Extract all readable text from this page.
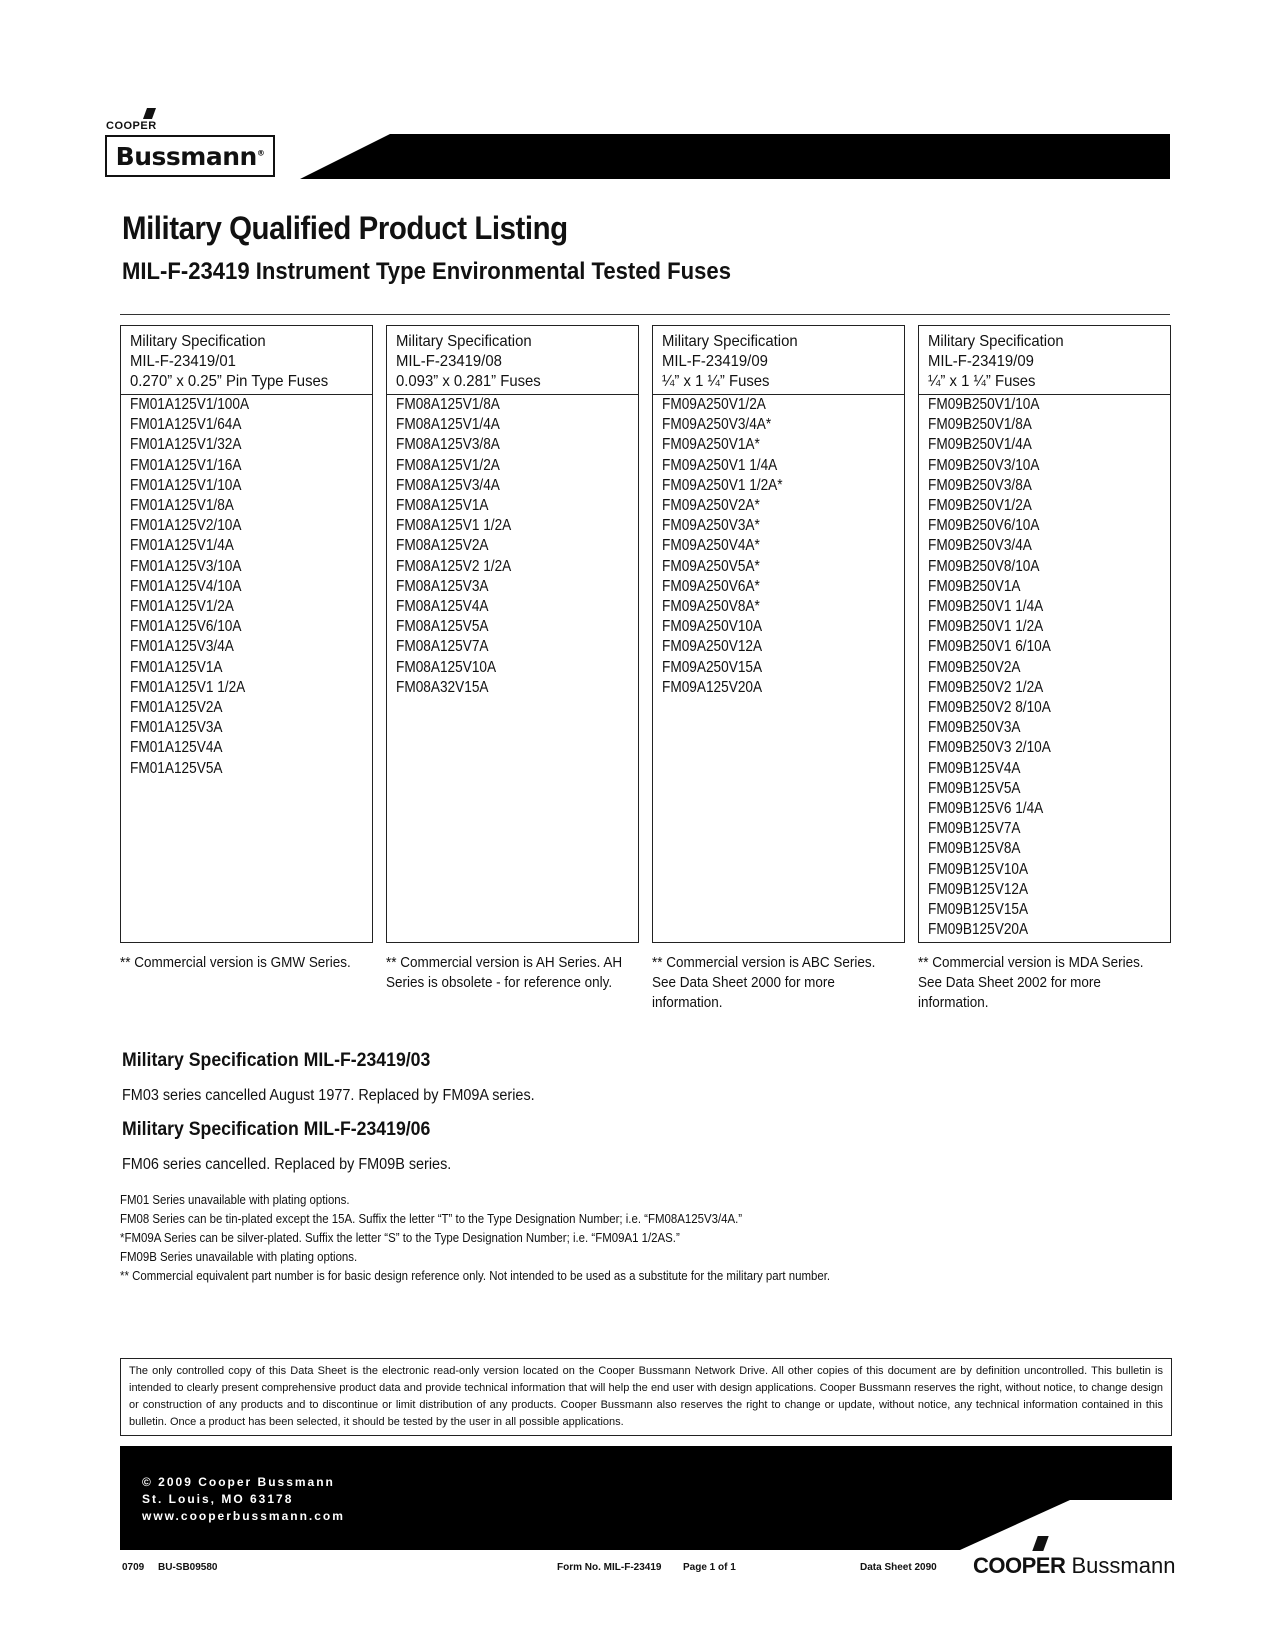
COOPER
Bussmann®
Military Qualified Product Listing
MIL-F-23419 Instrument Type Environmental Tested Fuses
Military Specification
MIL-F-23419/01
0.270” x 0.25” Pin Type Fuses
FM01A125V1/100A
FM01A125V1/64A
FM01A125V1/32A
FM01A125V1/16A
FM01A125V1/10A
FM01A125V1/8A
FM01A125V2/10A
FM01A125V1/4A
FM01A125V3/10A
FM01A125V4/10A
FM01A125V1/2A
FM01A125V6/10A
FM01A125V3/4A
FM01A125V1A
FM01A125V1 1/2A
FM01A125V2A
FM01A125V3A
FM01A125V4A
FM01A125V5A
** Commercial version is GMW Series.
Military Specification
MIL-F-23419/08
0.093” x 0.281” Fuses
FM08A125V1/8A
FM08A125V1/4A
FM08A125V3/8A
FM08A125V1/2A
FM08A125V3/4A
FM08A125V1A
FM08A125V1 1/2A
FM08A125V2A
FM08A125V2 1/2A
FM08A125V3A
FM08A125V4A
FM08A125V5A
FM08A125V7A
FM08A125V10A
FM08A32V15A
** Commercial version is AH Series. AH Series is obsolete - for reference only.
Military Specification
MIL-F-23419/09
¼” x 1 ¼” Fuses
FM09A250V1/2A
FM09A250V3/4A*
FM09A250V1A*
FM09A250V1 1/4A
FM09A250V1 1/2A*
FM09A250V2A*
FM09A250V3A*
FM09A250V4A*
FM09A250V5A*
FM09A250V6A*
FM09A250V8A*
FM09A250V10A
FM09A250V12A
FM09A250V15A
FM09A125V20A
** Commercial version is ABC Series. See Data Sheet 2000 for more information.
Military Specification
MIL-F-23419/09
¼” x 1 ¼” Fuses
FM09B250V1/10A
FM09B250V1/8A
FM09B250V1/4A
FM09B250V3/10A
FM09B250V3/8A
FM09B250V1/2A
FM09B250V6/10A
FM09B250V3/4A
FM09B250V8/10A
FM09B250V1A
FM09B250V1 1/4A
FM09B250V1 1/2A
FM09B250V1 6/10A
FM09B250V2A
FM09B250V2 1/2A
FM09B250V2 8/10A
FM09B250V3A
FM09B250V3 2/10A
FM09B125V4A
FM09B125V5A
FM09B125V6 1/4A
FM09B125V7A
FM09B125V8A
FM09B125V10A
FM09B125V12A
FM09B125V15A
FM09B125V20A
** Commercial version is MDA Series. See Data Sheet 2002 for more information.
Military Specification MIL-F-23419/03
FM03 series cancelled August 1977. Replaced by FM09A series.
Military Specification MIL-F-23419/06
FM06 series cancelled. Replaced by FM09B series.
FM01 Series unavailable with plating options.
FM08 Series can be tin-plated except the 15A. Suffix the letter “T” to the Type Designation Number; i.e. “FM08A125V3/4A.”
*FM09A Series can be silver-plated. Suffix the letter “S” to the Type Designation Number; i.e. “FM09A1 1/2AS.”
FM09B Series unavailable with plating options.
** Commercial equivalent part number is for basic design reference only. Not intended to be used as a substitute for the military part number.
The only controlled copy of this Data Sheet is the electronic read-only version located on the Cooper Bussmann Network Drive. All other copies of this document are by definition uncontrolled. This bulletin is intended to clearly present comprehensive product data and provide technical information that will help the end user with design applications. Cooper Bussmann reserves the right, without notice, to change design or construction of any products and to discontinue or limit distribution of any products. Cooper Bussmann also reserves the right to change or update, without notice, any technical information contained in this bulletin. Once a product has been selected, it should be tested by the user in all possible applications.
© 2009 Cooper Bussmann
St. Louis, MO 63178
www.cooperbussmann.com
0709 BU-SB09580	Form No. MIL-F-23419 Page 1 of 1	Data Sheet 2090 COOPER Bussmann
